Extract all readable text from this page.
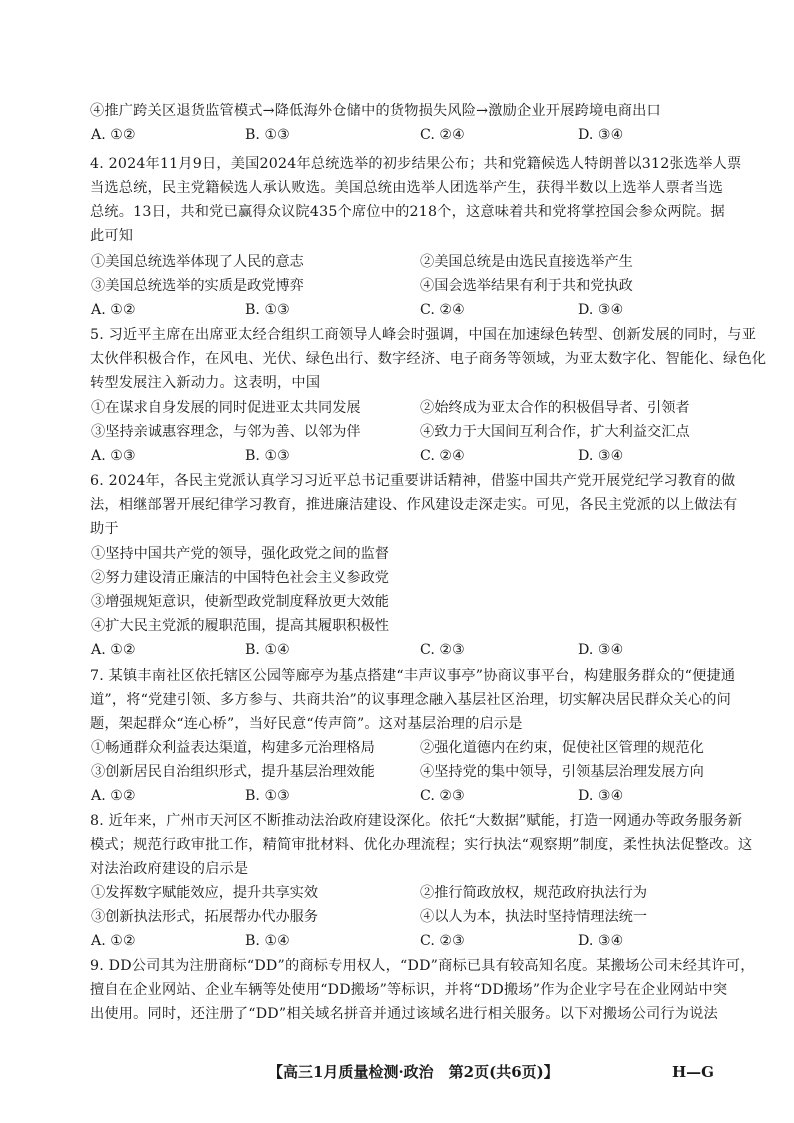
④推广跨关区退货监管模式→降低海外仓储中的货物损失风险→激励企业开展跨境电商出口
A. ①②	B. ①③	C. ②④	D. ③④
4. 2024年11月9日，美国2024年总统选举的初步结果公布；共和党籍候选人特朗普以312张选举人票
当选总统，民主党籍候选人承认败选。美国总统由选举人团选举产生，获得半数以上选举人票者当选
总统。13日，共和党已赢得众议院435个席位中的218个，这意味着共和党将掌控国会参众两院。据
此可知
①美国总统选举体现了人民的意志	②美国总统是由选民直接选举产生
③美国总统选举的实质是政党博弈	④国会选举结果有利于共和党执政
A. ①②	B. ①③	C. ②④	D. ③④
5. 习近平主席在出席亚太经合组织工商领导人峰会时强调，中国在加速绿色转型、创新发展的同时，与亚
太伙伴积极合作，在风电、光伏、绿色出行、数字经济、电子商务等领域，为亚太数字化、智能化、绿色化
转型发展注入新动力。这表明，中国
①在谋求自身发展的同时促进亚太共同发展	②始终成为亚太合作的积极倡导者、引领者
③坚持亲诚惠容理念，与邻为善、以邻为伴	④致力于大国间互利合作，扩大利益交汇点
A. ①③	B. ①③	C. ②④	D. ③④
6. 2024年，各民主党派认真学习习近平总书记重要讲话精神，借鉴中国共产党开展党纪学习教育的做
法，相继部署开展纪律学习教育，推进廉洁建设、作风建设走深走实。可见，各民主党派的以上做法有
助于
①坚持中国共产党的领导，强化政党之间的监督
②努力建设清正廉洁的中国特色社会主义参政党
③增强规矩意识，使新型政党制度释放更大效能
④扩大民主党派的履职范围，提高其履职积极性
A. ①②	B. ①④	C. ②③	D. ③④
7. 某镇丰南社区依托辖区公园等廊亭为基点搭建“丰声议事亭”协商议事平台，构建服务群众的“便捷通
道”，将“党建引领、多方参与、共商共治”的议事理念融入基层社区治理，切实解决居民群众关心的问
题，架起群众“连心桥”，当好民意“传声筒”。这对基层治理的启示是
①畅通群众利益表达渠道，构建多元治理格局	②强化道德内在约束，促使社区管理的规范化
③创新居民自治组织形式，提升基层治理效能	④坚持党的集中领导，引领基层治理发展方向
A. ①②	B. ①③	C. ②③	D. ③④
8. 近年来，广州市天河区不断推动法治政府建设深化。依托“大数据”赋能，打造一网通办等政务服务新
模式；规范行政审批工作，精简审批材料、优化办理流程；实行执法“观察期”制度，柔性执法促整改。这
对法治政府建设的启示是
①发挥数字赋能效应，提升共享实效	②推行简政放权，规范政府执法行为
③创新执法形式，拓展帮办代办服务	④以人为本，执法时坚持情理法统一
A. ①②	B. ①④	C. ②③	D. ③④
9. DD公司其为注册商标“DD”的商标专用权人，“DD”商标已具有较高知名度。某搬场公司未经其许可，
擅自在企业网站、企业车辆等处使用“DD搬场”等标识，并将“DD搬场”作为企业字号在企业网站中突
出使用。同时，还注册了“DD”相关域名拼音并通过该域名进行相关服务。以下对搬场公司行为说法
【高三1月质量检测·政治　第2页(共6页)】	H—G
